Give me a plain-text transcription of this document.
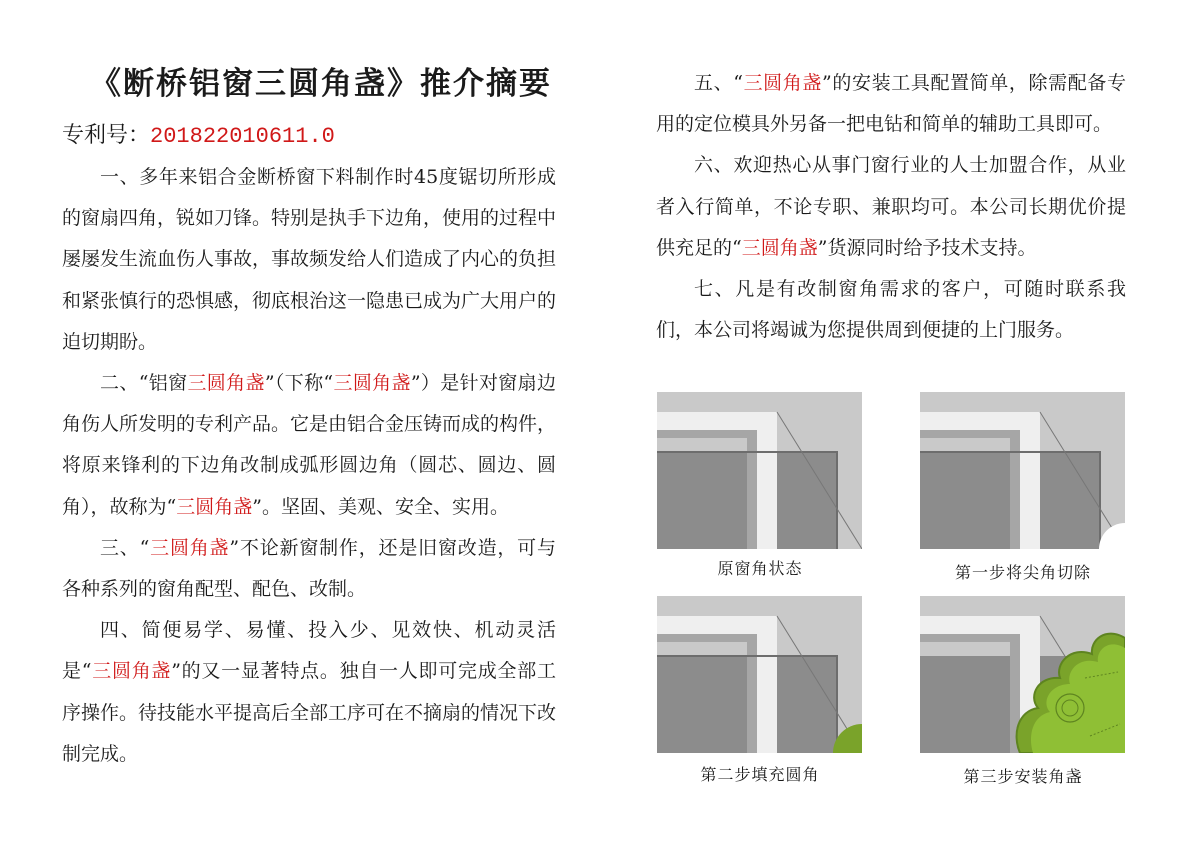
《断桥铝窗三圆角盏》推介摘要
专利号：201822010611.0

一、多年来铝合金断桥窗下料制作时45度锯切所形成的窗扇四角，锐如刀锋。特别是执手下边角，使用的过程中屡屡发生流血伤人事故，事故频发给人们造成了内心的负担和紧张慎行的恐惧感，彻底根治这一隐患已成为广大用户的迫切期盼。

二、“铝窗三圆角盏”（下称“三圆角盏”）是针对窗扇边角伤人所发明的专利产品。它是由铝合金压铸而成的构件，将原来锋利的下边角改制成弧形圆边角（圆芯、圆边、圆角），故称为“三圆角盏”。坚固、美观、安全、实用。

三、“三圆角盏”不论新窗制作，还是旧窗改造，可与各种系列的窗角配型、配色、改制。

四、简便易学、易懂、投入少、见效快、机动灵活是“三圆角盏”的又一显著特点。独自一人即可完成全部工序操作。待技能水平提高后全部工序可在不摘扇的情况下改制完成。

五、“三圆角盏”的安装工具配置简单，除需配备专用的定位模具外另备一把电钻和简单的辅助工具即可。

六、欢迎热心从事门窗行业的人士加盟合作，从业者入行简单，不论专职、兼职均可。本公司长期优价提供充足的“三圆角盏”货源同时给予技术支持。

七、凡是有改制窗角需求的客户，可随时联系我们，本公司将竭诚为您提供周到便捷的上门服务。

原窗角状态	第一步将尖角切除
第二步填充圆角	第三步安装角盏
